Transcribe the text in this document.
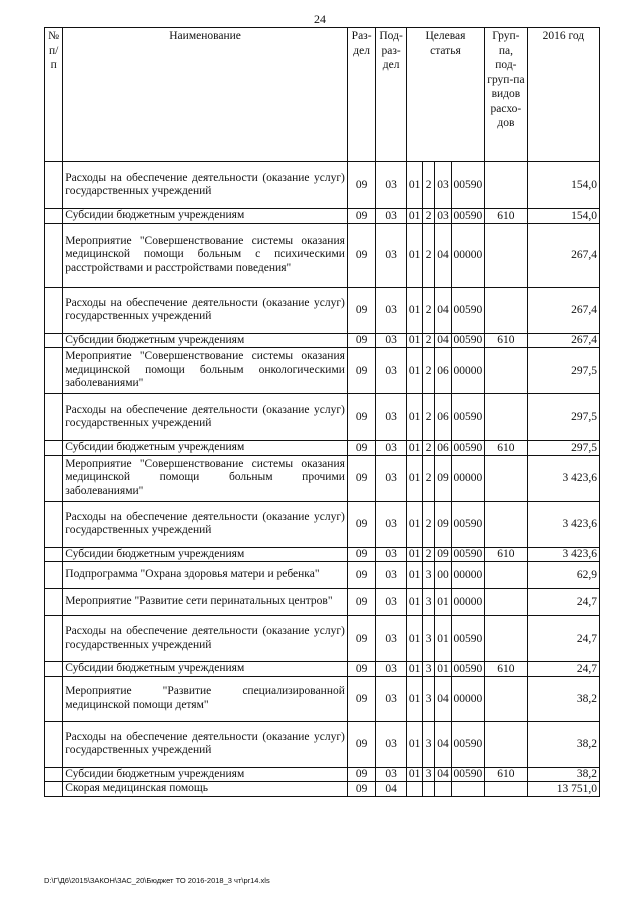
24
№ п/п	Наименование	Раз-дел	Под-раз-дел	Целевая статья				Груп-па, под-груп-па видов расхо-дов	2016 год
	Расходы на обеспечение деятельности (оказание услуг) государственных учреждений	09	03	01	2	03	00590		154,0
	Субсидии бюджетным учреждениям	09	03	01	2	03	00590	610	154,0
	Мероприятие "Совершенствование системы оказания медицинской помощи больным с психическими расстройствами и расстройствами поведения"	09	03	01	2	04	00000		267,4
	Расходы на обеспечение деятельности (оказание услуг) государственных учреждений	09	03	01	2	04	00590		267,4
	Субсидии бюджетным учреждениям	09	03	01	2	04	00590	610	267,4
	Мероприятие "Совершенствование системы оказания медицинской помощи больным онкологическими заболеваниями"	09	03	01	2	06	00000		297,5
	Расходы на обеспечение деятельности (оказание услуг) государственных учреждений	09	03	01	2	06	00590		297,5
	Субсидии бюджетным учреждениям	09	03	01	2	06	00590	610	297,5
	Мероприятие "Совершенствование системы оказания медицинской помощи больным прочими заболеваниями"	09	03	01	2	09	00000		3 423,6
	Расходы на обеспечение деятельности (оказание услуг) государственных учреждений	09	03	01	2	09	00590		3 423,6
	Субсидии бюджетным учреждениям	09	03	01	2	09	00590	610	3 423,6
	Подпрограмма "Охрана здоровья матери и ребенка"	09	03	01	3	00	00000		62,9
	Мероприятие "Развитие сети перинатальных центров"	09	03	01	3	01	00000		24,7
	Расходы на обеспечение деятельности (оказание услуг) государственных учреждений	09	03	01	3	01	00590		24,7
	Субсидии бюджетным учреждениям	09	03	01	3	01	00590	610	24,7
	Мероприятие "Развитие специализированной медицинской помощи детям"	09	03	01	3	04	00000		38,2
	Расходы на обеспечение деятельности (оказание услуг) государственных учреждений	09	03	01	3	04	00590		38,2
	Субсидии бюджетным учреждениям	09	03	01	3	04	00590	610	38,2
	Скорая медицинская помощь	09	04						13 751,0
D:\Г\Д6\2015\ЗАКОН\ЗАС_20\Бюджет ТО 2016-2018_3 чт\pr14.xls
